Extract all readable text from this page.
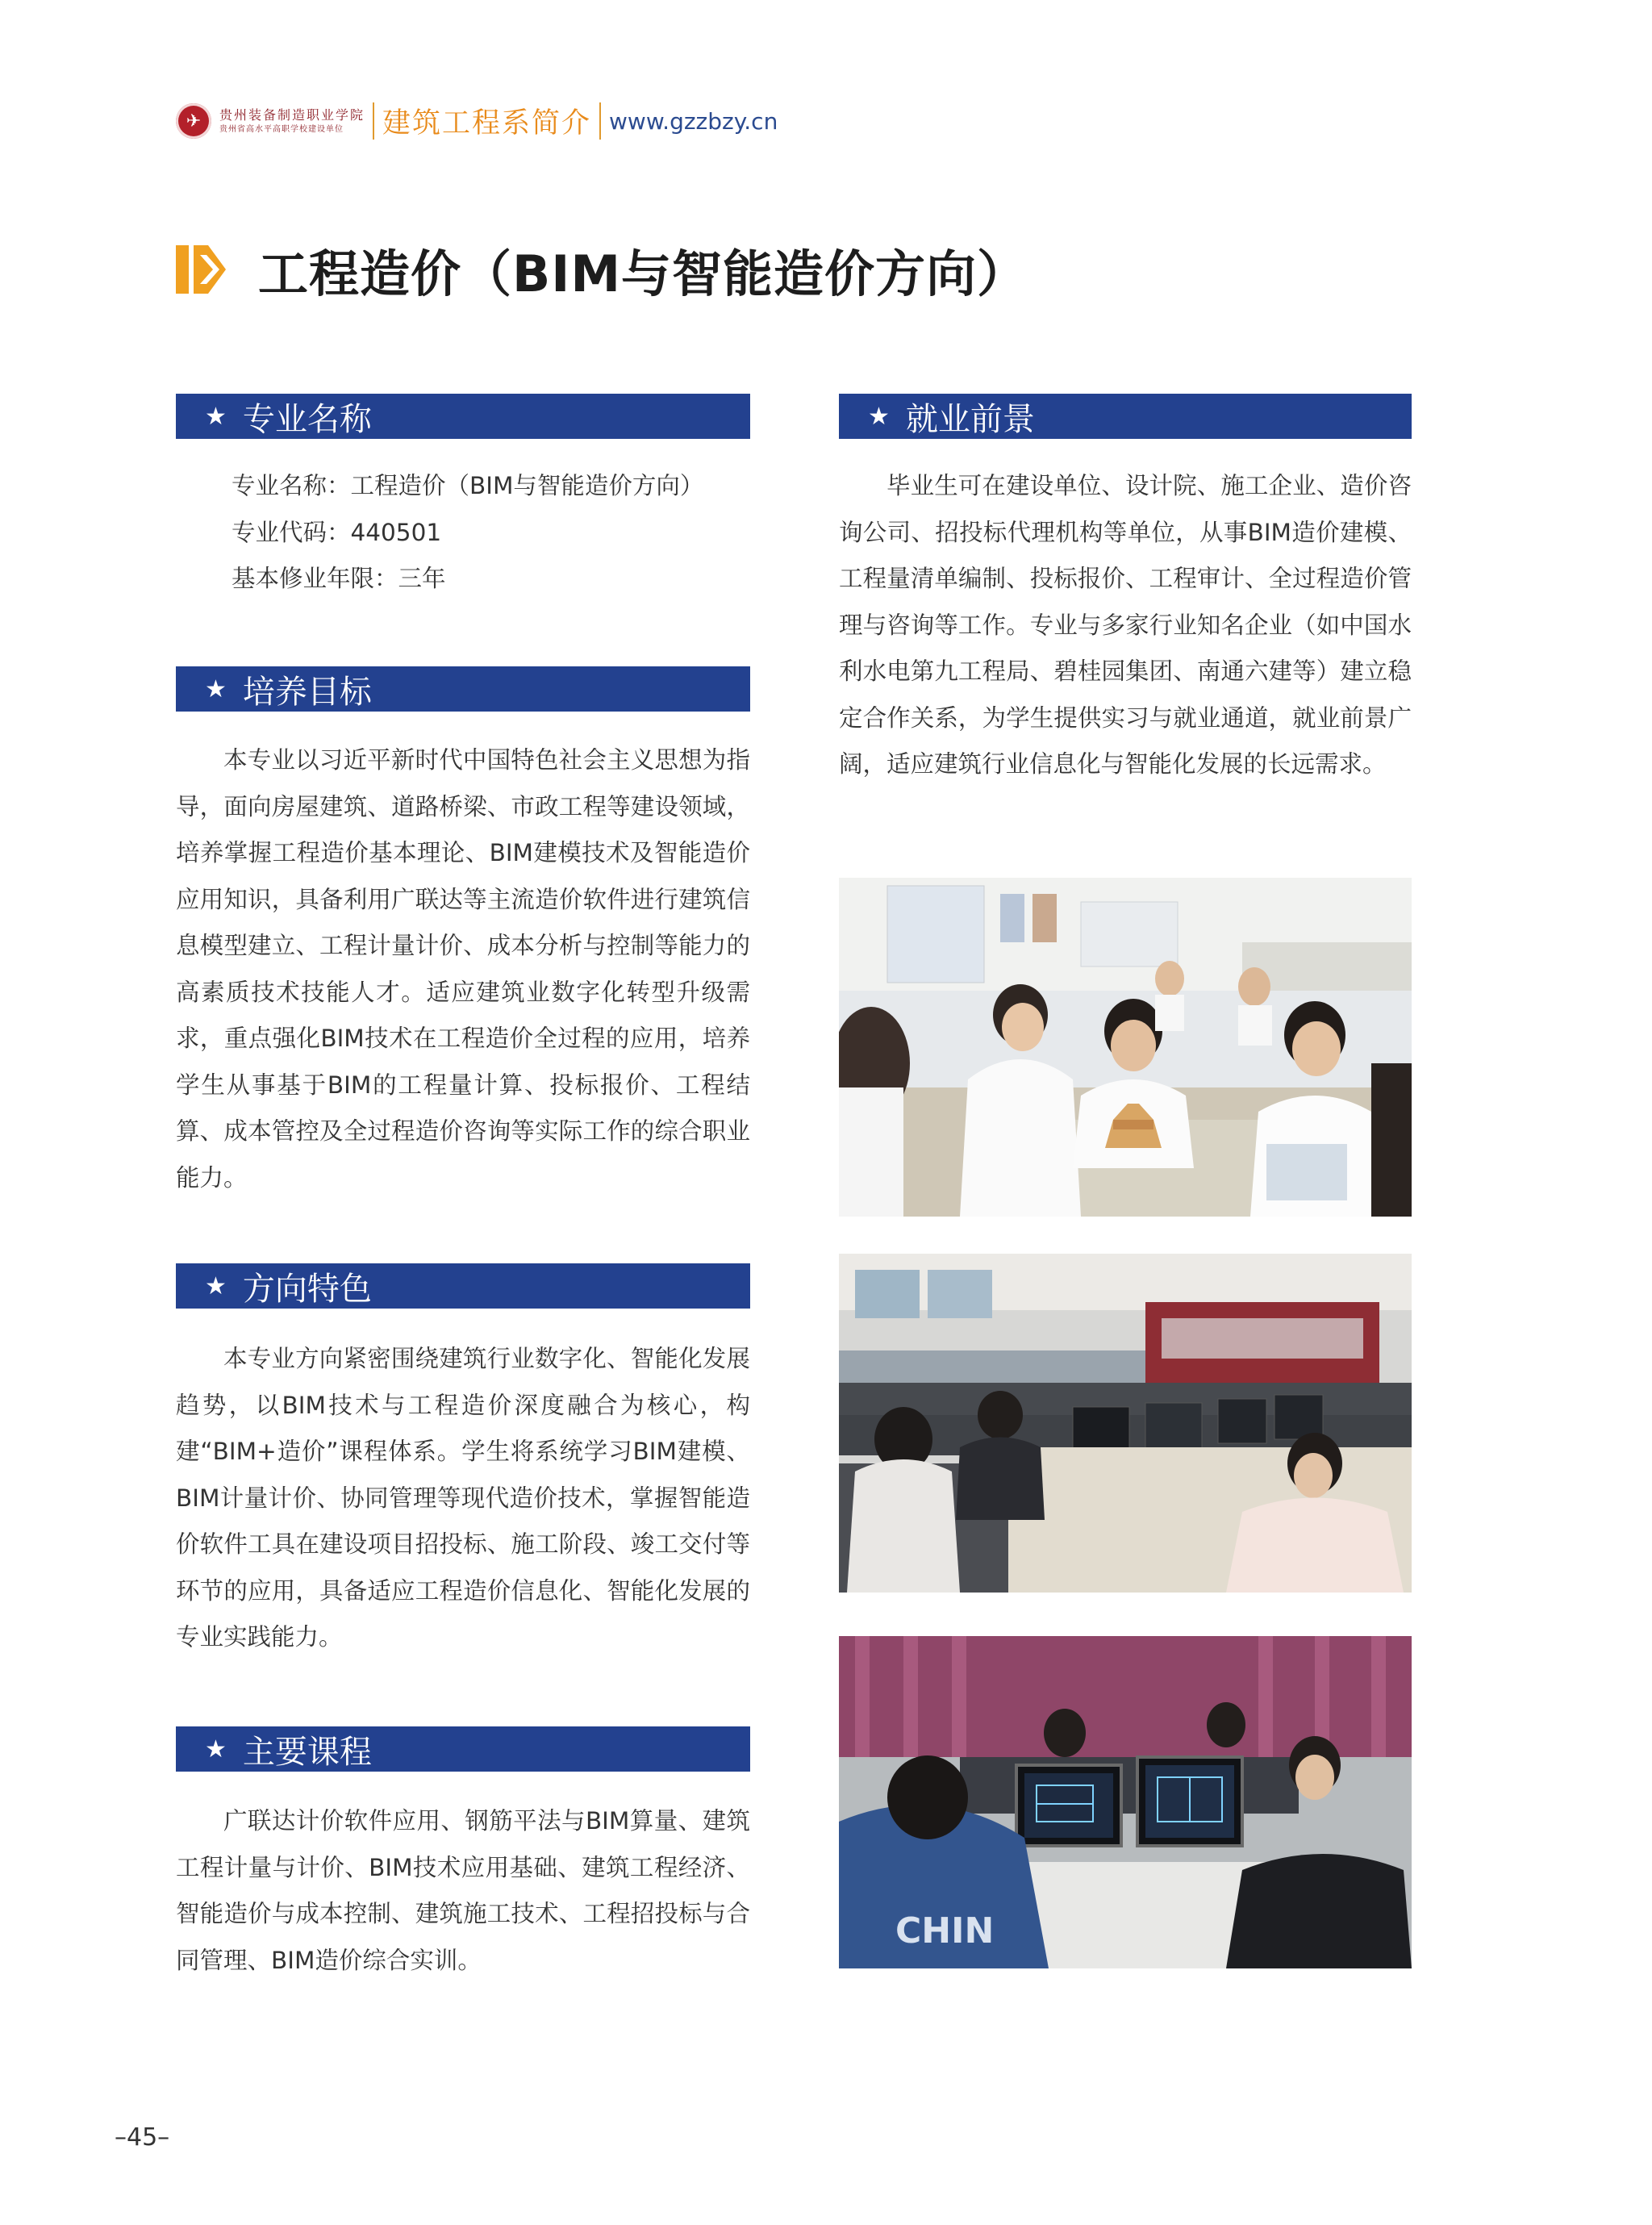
✈	贵州装备制造职业学院
贵州省高水平高职学校建设单位	建筑工程系简介 www.gzzbzy.cn
工程造价（BIM与智能造价方向）
★ 专业名称
专业名称：工程造价（BIM与智能造价方向）
专业代码：440501
基本修业年限：三年
★ 培养目标

本专业以习近平新时代中国特色社会主义思想为指导，面向房屋建筑、道路桥梁、市政工程等建设领域，培养掌握工程造价基本理论、BIM建模技术及智能造价应用知识，具备利用广联达等主流造价软件进行建筑信息模型建立、工程计量计价、成本分析与控制等能力的高素质技术技能人才。适应建筑业数字化转型升级需求，重点强化BIM技术在工程造价全过程的应用，培养学生从事基于BIM的工程量计算、投标报价、工程结算、成本管控及全过程造价咨询等实际工作的综合职业能力。

★ 方向特色

本专业方向紧密围绕建筑行业数字化、智能化发展趋势，以BIM技术与工程造价深度融合为核心，构建“BIM+造价”课程体系。学生将系统学习BIM建模、BIM计量计价、协同管理等现代造价技术，掌握智能造价软件工具在建设项目招投标、施工阶段、竣工交付等环节的应用，具备适应工程造价信息化、智能化发展的专业实践能力。

★ 主要课程

广联达计价软件应用、钢筋平法与BIM算量、建筑工程计量与计价、BIM技术应用基础、建筑工程经济、智能造价与成本控制、建筑施工技术、工程招投标与合同管理、BIM造价综合实训。

★ 就业前景

毕业生可在建设单位、设计院、施工企业、造价咨询公司、招投标代理机构等单位，从事BIM造价建模、工程量清单编制、投标报价、工程审计、全过程造价管理与咨询等工作。专业与多家行业知名企业（如中国水利水电第九工程局、碧桂园集团、南通六建等）建立稳定合作关系，为学生提供实习与就业通道，就业前景广阔，适应建筑行业信息化与智能化发展的长远需求。

CHIN
–45–
